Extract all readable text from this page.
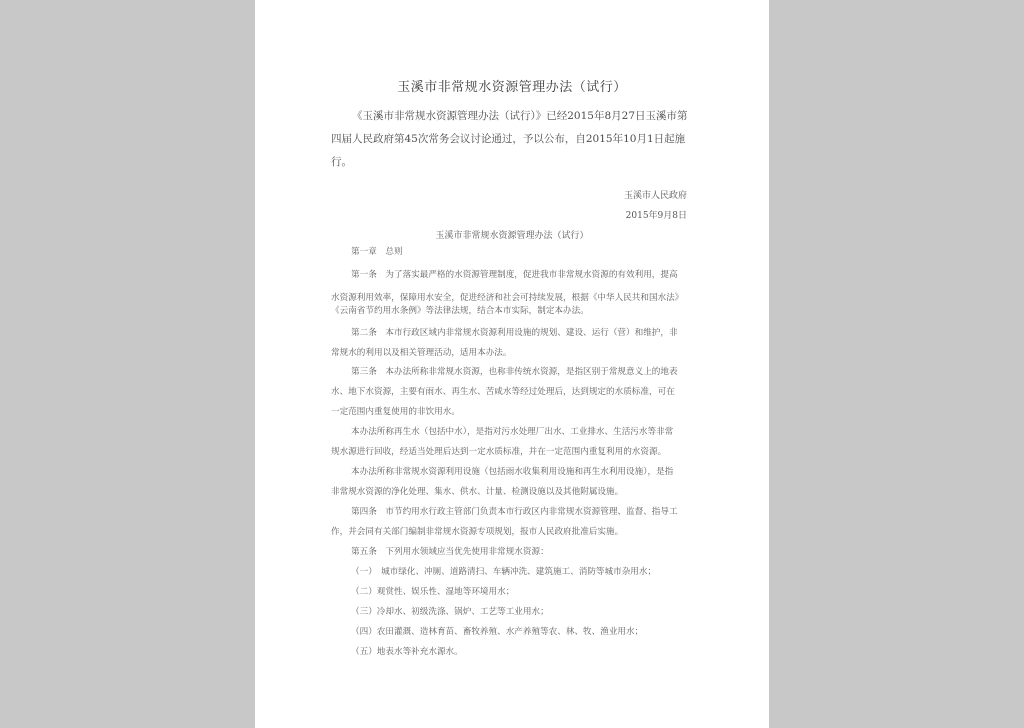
玉溪市非常规水资源管理办法（试行）

《玉溪市非常规水资源管理办法（试行）》已经2015年8月27日玉溪市第四届人民政府第45次常务会议讨论通过，予以公布，自2015年10月1日起施行。

玉溪市人民政府
2015年9月8日
玉溪市非常规水资源管理办法（试行）
第一章　总则
第一条　为了落实最严格的水资源管理制度，促进我市非常规水资源的有效利用，提高
水资源利用效率，保障用水安全，促进经济和社会可持续发展，根据《中华人民共和国水法》
《云南省节约用水条例》等法律法规，结合本市实际，制定本办法。
第二条　本市行政区域内非常规水资源利用设施的规划、建设、运行（营）和维护，非
常规水的利用以及相关管理活动，适用本办法。
第三条　本办法所称非常规水资源，也称非传统水资源，是指区别于常规意义上的地表
水、地下水资源，主要有雨水、再生水、苦咸水等经过处理后，达到规定的水质标准，可在
一定范围内重复使用的非饮用水。
本办法所称再生水（包括中水），是指对污水处理厂出水、工业排水、生活污水等非常
规水源进行回收，经适当处理后达到一定水质标准，并在一定范围内重复利用的水资源。
本办法所称非常规水资源利用设施（包括雨水收集利用设施和再生水利用设施），是指
非常规水资源的净化处理、集水、供水、计量、检测设施以及其他附属设施。
第四条　市节约用水行政主管部门负责本市行政区内非常规水资源管理、监督、指导工
作，并会同有关部门编制非常规水资源专项规划，报市人民政府批准后实施。
第五条　下列用水领域应当优先使用非常规水资源：
（一）　城市绿化、冲厕、道路清扫、车辆冲洗、建筑施工、消防等城市杂用水；
（二）观赏性、娱乐性、湿地等环境用水；
（三）冷却水、初级洗涤、锅炉、工艺等工业用水；
（四）农田灌溉、造林育苗、畜牧养殖、水产养殖等农、林、牧、渔业用水；
（五）地表水等补充水源水。
